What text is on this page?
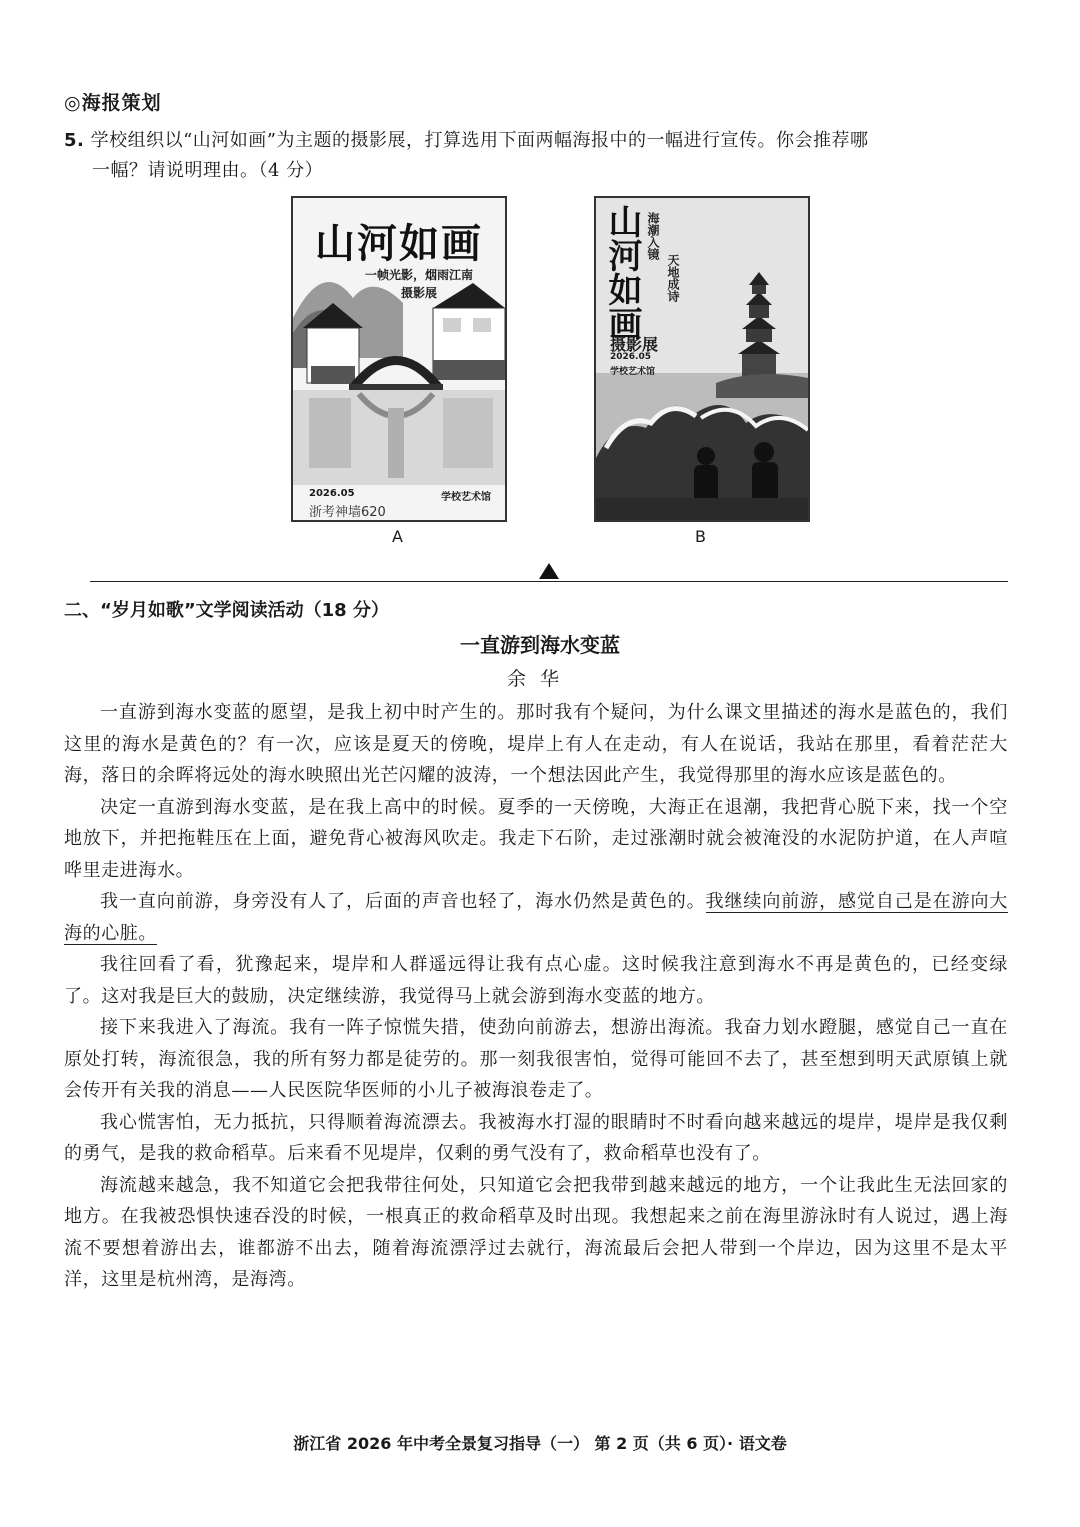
◎海报策划
5. 学校组织以“山河如画”为主题的摄影展，打算选用下面两幅海报中的一幅进行宣传。你会推荐哪
一幅？请说明理由。（4 分）
山河如画
一帧光影，烟雨江南
摄影展
2026.05	学校艺术馆
浙考神墙620
A
山河如画 海潮入镜
天地成诗
摄影展
2026.05
学校艺术馆
B
二、“岁月如歌”文学阅读活动（18 分）
一直游到海水变蓝
余华

一直游到海水变蓝的愿望，是我上初中时产生的。那时我有个疑问，为什么课文里描述的海水是蓝色的，我们这里的海水是黄色的？有一次，应该是夏天的傍晚，堤岸上有人在走动，有人在说话，我站在那里，看着茫茫大海，落日的余晖将远处的海水映照出光芒闪耀的波涛，一个想法因此产生，我觉得那里的海水应该是蓝色的。

决定一直游到海水变蓝，是在我上高中的时候。夏季的一天傍晚，大海正在退潮，我把背心脱下来，找一个空地放下，并把拖鞋压在上面，避免背心被海风吹走。我走下石阶，走过涨潮时就会被淹没的水泥防护道，在人声喧哗里走进海水。

我一直向前游，身旁没有人了，后面的声音也轻了，海水仍然是黄色的。我继续向前游，感觉自己是在游向大海的心脏。

我往回看了看，犹豫起来，堤岸和人群遥远得让我有点心虚。这时候我注意到海水不再是黄色的，已经变绿了。这对我是巨大的鼓励，决定继续游，我觉得马上就会游到海水变蓝的地方。

接下来我进入了海流。我有一阵子惊慌失措，使劲向前游去，想游出海流。我奋力划水蹬腿，感觉自己一直在原处打转，海流很急，我的所有努力都是徒劳的。那一刻我很害怕，觉得可能回不去了，甚至想到明天武原镇上就会传开有关我的消息——人民医院华医师的小儿子被海浪卷走了。

我心慌害怕，无力抵抗，只得顺着海流漂去。我被海水打湿的眼睛时不时看向越来越远的堤岸，堤岸是我仅剩的勇气，是我的救命稻草。后来看不见堤岸，仅剩的勇气没有了，救命稻草也没有了。

海流越来越急，我不知道它会把我带往何处，只知道它会把我带到越来越远的地方，一个让我此生无法回家的地方。在我被恐惧快速吞没的时候，一根真正的救命稻草及时出现。我想起来之前在海里游泳时有人说过，遇上海流不要想着游出去，谁都游不出去，随着海流漂浮过去就行，海流最后会把人带到一个岸边，因为这里不是太平洋，这里是杭州湾，是海湾。

浙江省 2026 年中考全景复习指导（一） 第 2 页（共 6 页）· 语文卷
